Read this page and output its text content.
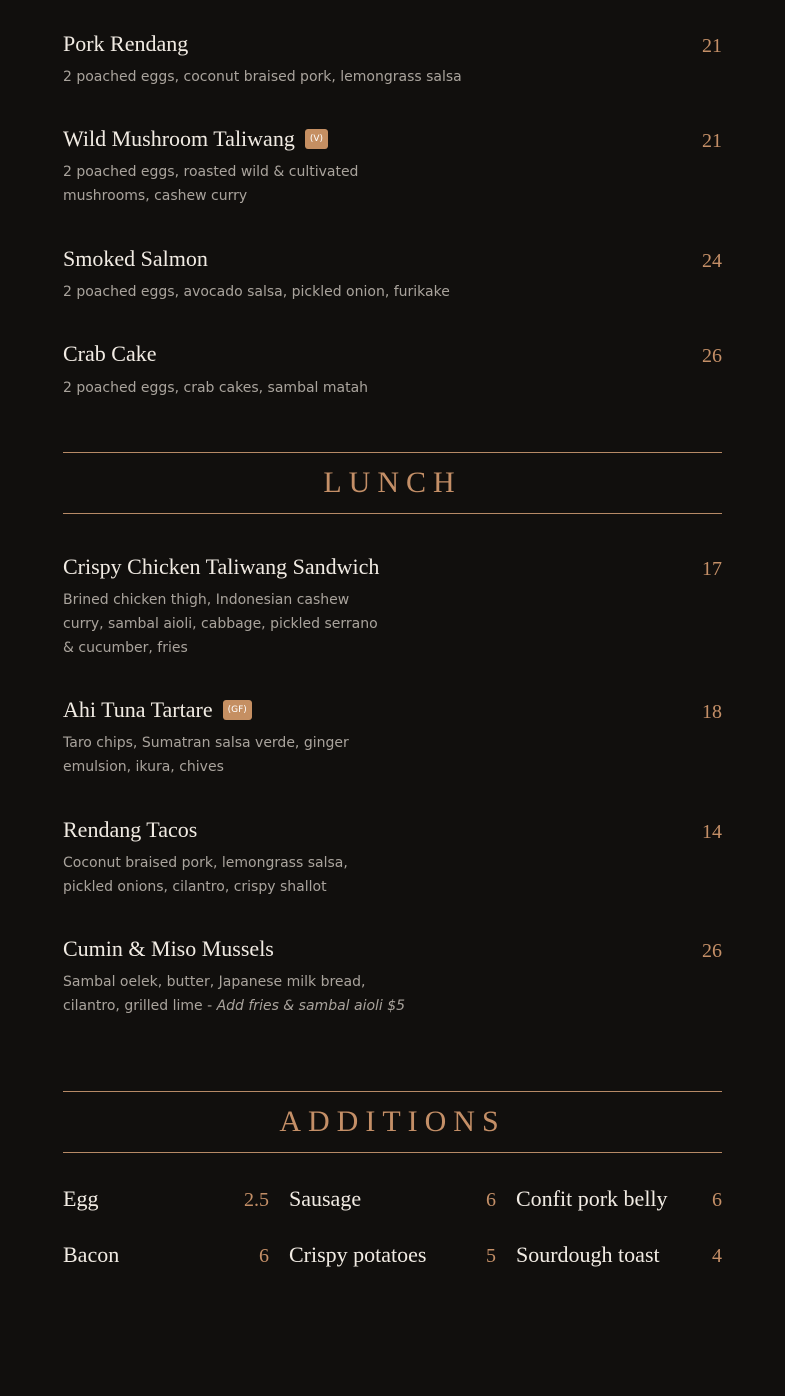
Pork Rendang	21
2 poached eggs, coconut braised pork, lemongrass salsa
Wild Mushroom Taliwang	(V)	21
2 poached eggs, roasted wild & cultivated mushrooms, cashew curry
Smoked Salmon	24
2 poached eggs, avocado salsa, pickled onion, furikake
Crab Cake	26
2 poached eggs, crab cakes, sambal matah
LUNCH
Crispy Chicken Taliwang Sandwich	17
Brined chicken thigh, Indonesian cashew curry, sambal aioli, cabbage, pickled serrano & cucumber, fries
Ahi Tuna Tartare	(GF)	18
Taro chips, Sumatran salsa verde, ginger emulsion, ikura, chives
Rendang Tacos	14
Coconut braised pork, lemongrass salsa, pickled onions, cilantro, crispy shallot
Cumin & Miso Mussels	26
Sambal oelek, butter, Japanese milk bread, cilantro, grilled lime - Add fries & sambal aioli $5
ADDITIONS
Egg	2.5 Sausage	6 Confit pork belly 6
Bacon	6 Crispy potatoes	5 Sourdough toast	4
